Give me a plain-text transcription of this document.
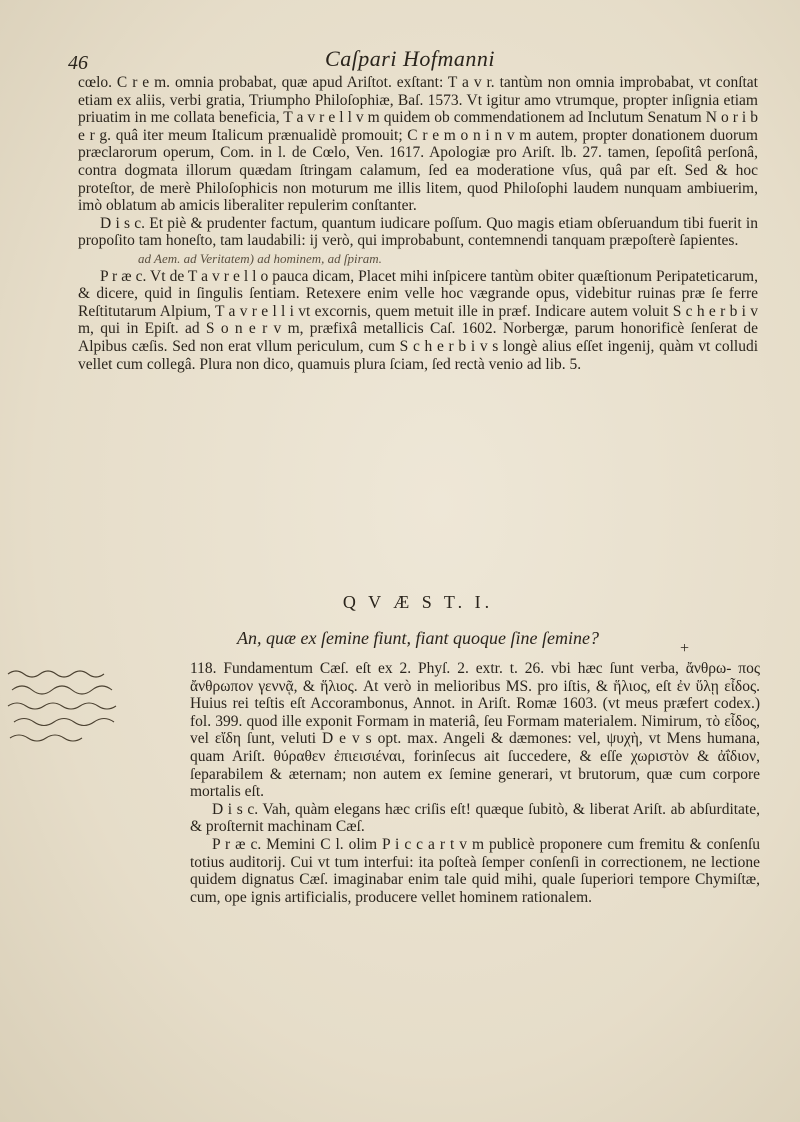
46	Caſpari Hofmanni

cœlo. C r e m. omnia probabat, quæ apud Ariſtot. exſtant: T a v r. tantùm non omnia improbabat, vt conſtat etiam ex aliis, verbi gratia, Triumpho Philoſophiæ, Baſ. 1573. Vt igitur amo vtrumque, propter inſignia etiam priuatim in me collata beneficia, T a v r e l l v m quidem ob commendationem ad Inclutum Senatum N o r i b e r g. quâ iter meum Italicum prænualidè promouit; C r e m o n i n v m autem, propter donationem duorum præclarorum operum, Com. in l. de Cœlo, Ven. 1617. Apologiæ pro Ariſt. lb. 27. tamen, ſepoſitâ perſonâ, contra dogmata illorum quædam ſtringam calamum, ſed ea moderatione vſus, quâ par eſt. Sed & hoc proteſtor, de merè Philoſophicis non moturum me illis litem, quod Philoſophi laudem nunquam ambiuerim, imò oblatum ab amicis liberaliter repulerim conſtanter.

D i s c. Et piè & prudenter factum, quantum iudicare poſſum. Quo magis etiam obſeruandum tibi fuerit in propoſito tam honeſto, tam laudabili: ij verò, qui improbabunt, contemnendi tanquam præpoſterè ſapientes.

ad Aem. ad Veritatem) ad hominem, ad ſpiram.

P r æ c. Vt de T a v r e l l o pauca dicam, Placet mihi inſpicere tantùm obiter quæſtionum Peripateticarum, & dicere, quid in ſingulis ſentiam. Retexere enim velle hoc vægrande opus, videbitur ruinas præ ſe ferre Reſtitutarum Alpium, T a v r e l l i vt excornis, quem metuit ille in præf. Indicare autem voluit S c h e r b i v m, qui in Epiſt. ad S o n e r v m, præfixâ metallicis Caſ. 1602. Norbergæ, parum honorificè ſenſerat de Alpibus cæſis. Sed non erat vllum periculum, cum S c h e r b i v s longè alius eſſet ingenij, quàm vt colludi vellet cum collegâ. Plura non dico, quamuis plura ſciam, ſed rectà venio ad lib. 5.

Q V Æ S T. I.
An, quæ ex ſemine fiunt, fiant quoque ſine ſemine?
+

118. Fundamentum Cæſ. eſt ex 2. Phyſ. 2. extr. t. 26. vbi hæc ſunt verba, ἄνθρω- πος ἄνθρωπον γεννᾷ, & ἥλιος. At verò in melioribus MS. pro iſtis, & ἥλιος, eſt ἐν ὕλῃ εἶδος. Huius rei teſtis eſt Accorambonus, Annot. in Ariſt. Romæ 1603. (vt meus præfert codex.) fol. 399. quod ille exponit Formam in materiâ, ſeu Formam materialem. Nimirum, τὸ εἶδος, vel εἴδη ſunt, veluti D e v s opt. max. Angeli & dæmones: vel, ψυχὴ, vt Mens humana, quam Ariſt. θύραθεν ἐπιεισιέναι, forinſecus ait ſuccedere, & eſſe χωριστὸν & ἀΐδιον, ſeparabilem & æternam; non autem ex ſemine generari, vt brutorum, quæ cum corpore mortalis eſt.

D i s c. Vah, quàm elegans hæc criſis eſt! quæque ſubitò, & liberat Ariſt. ab abſurditate, & proſternit machinam Cæſ.

P r æ c. Memini C l. olim P i c c a r t v m publicè proponere cum fremitu & conſenſu totius auditorij. Cui vt tum interfui: ita poſteà ſemper conſenſi in correctionem, ne lectione quidem dignatus Cæſ. imaginabar enim tale quid mihi, quale ſuperiori tempore Chymiſtæ, cum, ope ignis artificialis, producere vellet hominem rationalem.
